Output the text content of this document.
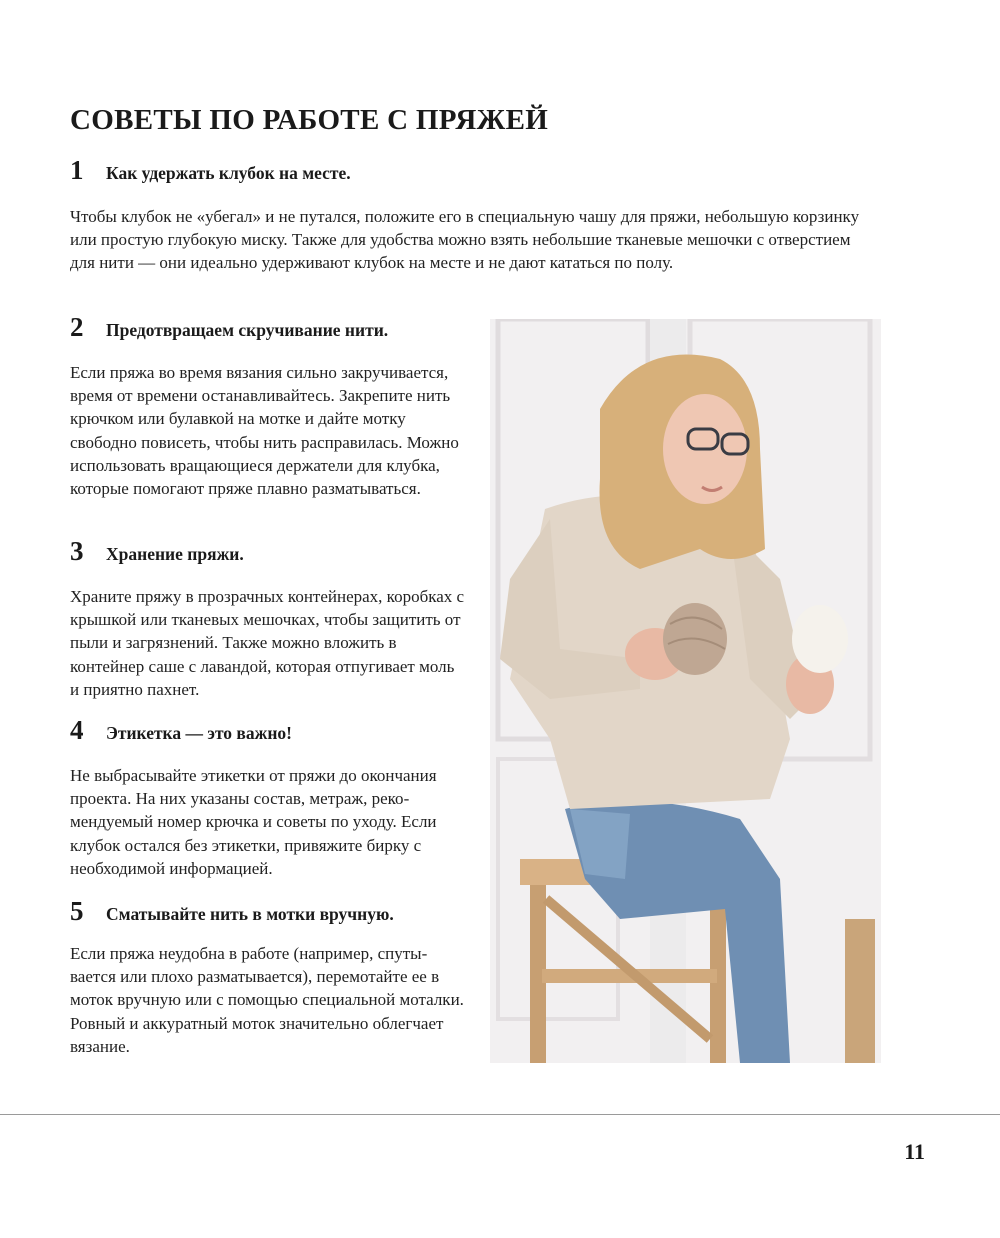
СОВЕТЫ ПО РАБОТЕ С ПРЯЖЕЙ
1	Как удержать клубок на месте.

Чтобы клубок не «убегал» и не путался, положите его в специальную чашу для пряжи, небольшую корзинку или простую глубокую миску. Также для удобства можно взять небольшие тканевые мешочки с отверстием для нити — они идеально удерживают клубок на месте и не дают кататься по полу.

2	Предотвращаем скручивание нити.

Если пряжа во время вязания сильно закручивается, время от времени останавливайтесь. Закрепите нить крючком или булавкой на мотке и дайте мотку свободно повисеть, чтобы нить расправилась. Можно использовать вращающиеся держатели для клубка, которые помогают пряже плавно разматываться.

3	Хранение пряжи.

Храните пряжу в прозрачных контейнерах, коробках с крышкой или тканевых мешочках, чтобы защитить от пыли и загрязнений. Также можно вложить в контейнер саше с лавандой, которая отпугивает моль и приятно пахнет.

4	Этикетка — это важно!

Не выбрасывайте этикетки от пряжи до окончания проекта. На них указаны состав, метраж, рекомендуемый номер крючка и советы по уходу. Если клубок остался без этикетки, привяжите бирку с необходимой информацией.

5	Сматывайте нить в мотки вручную.

Если пряжа неудобна в работе (например, спутывается или плохо разматывается), перемотайте ее в моток вручную или с помощью специальной моталки. Ровный и аккуратный моток значительно облегчает вязание.

11
